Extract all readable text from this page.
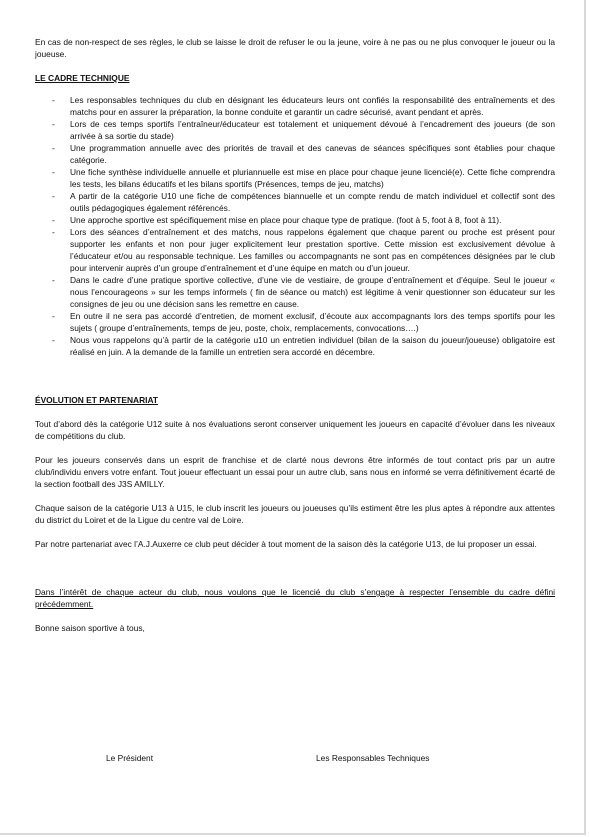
En cas de non-respect de ses règles, le club se laisse le droit de refuser le ou la jeune, voire à ne pas ou ne plus convoquer le joueur ou la joueuse.

LE CADRE TECHNIQUE

- Les responsables techniques du club en désignant les éducateurs leurs ont confiés la responsabilité des entraînements et des matchs pour en assurer la préparation, la bonne conduite et garantir un cadre sécurisé, avant pendant et après.
- Lors de ces temps sportifs l’entraîneur/éducateur est totalement et uniquement dévoué à l’encadrement des joueurs (de son arrivée à sa sortie du stade)
- Une programmation annuelle avec des priorités de travail et des canevas de séances spécifiques sont établies pour chaque catégorie.
- Une fiche synthèse individuelle annuelle et pluriannuelle est mise en place pour chaque jeune licencié(e). Cette fiche comprendra les tests, les bilans éducatifs et les bilans sportifs (Présences, temps de jeu, matchs)
- A partir de la catégorie U10 une fiche de compétences biannuelle et un compte rendu de match individuel et collectif sont des outils pédagogiques également référencés.
- Une approche sportive est spécifiquement mise en place pour chaque type de pratique. (foot à 5, foot à 8, foot à 11).
- Lors des séances d’entraînement et des matchs, nous rappelons également que chaque parent ou proche est présent pour supporter les enfants et non pour juger explicitement leur prestation sportive. Cette mission est exclusivement dévolue à l’éducateur et/ou au responsable technique. Les familles ou accompagnants ne sont pas en compétences désignées par le club pour intervenir auprès d’un groupe d’entraînement et d’une équipe en match ou d’un joueur.
- Dans le cadre d’une pratique sportive collective, d’une vie de vestiaire, de groupe d’entraînement et d’équipe. Seul le joueur « nous l’encourageons » sur les temps informels ( fin de séance ou match) est légitime à venir questionner son éducateur sur les consignes de jeu ou une décision sans les remettre en cause.
- En outre il ne sera pas accordé d’entretien, de moment exclusif, d’écoute aux accompagnants lors des temps sportifs pour les sujets ( groupe d’entraînements, temps de jeu, poste, choix, remplacements, convocations….)
- Nous vous rappelons qu’à partir de la catégorie u10 un entretien individuel (bilan de la saison du joueur/joueuse) obligatoire est réalisé en juin. A la demande de la famille un entretien sera accordé en décembre.

ÉVOLUTION ET PARTENARIAT

Tout d’abord dès la catégorie U12 suite à nos évaluations seront conserver uniquement les joueurs en capacité d’évoluer dans les niveaux de compétitions du club.

Pour les joueurs conservés dans un esprit de franchise et de clarté nous devrons être informés de tout contact pris par un autre club/individu envers votre enfant. Tout joueur effectuant un essai pour un autre club, sans nous en informé se verra définitivement écarté de la section football des J3S AMILLY.

Chaque saison de la catégorie U13 à U15, le club inscrit les joueurs ou joueuses qu’ils estiment être les plus aptes à répondre aux attentes du district du Loiret et de la Ligue du centre val de Loire.

Par notre partenariat avec l’A.J.Auxerre ce club peut décider à tout moment de la saison dès la catégorie U13, de lui proposer un essai.

Dans l’intérêt de chaque acteur du club, nous voulons que le licencié du club s’engage à respecter l’ensemble du cadre défini précédemment.

Bonne saison sportive à tous,

Le Président	Les Responsables Techniques
